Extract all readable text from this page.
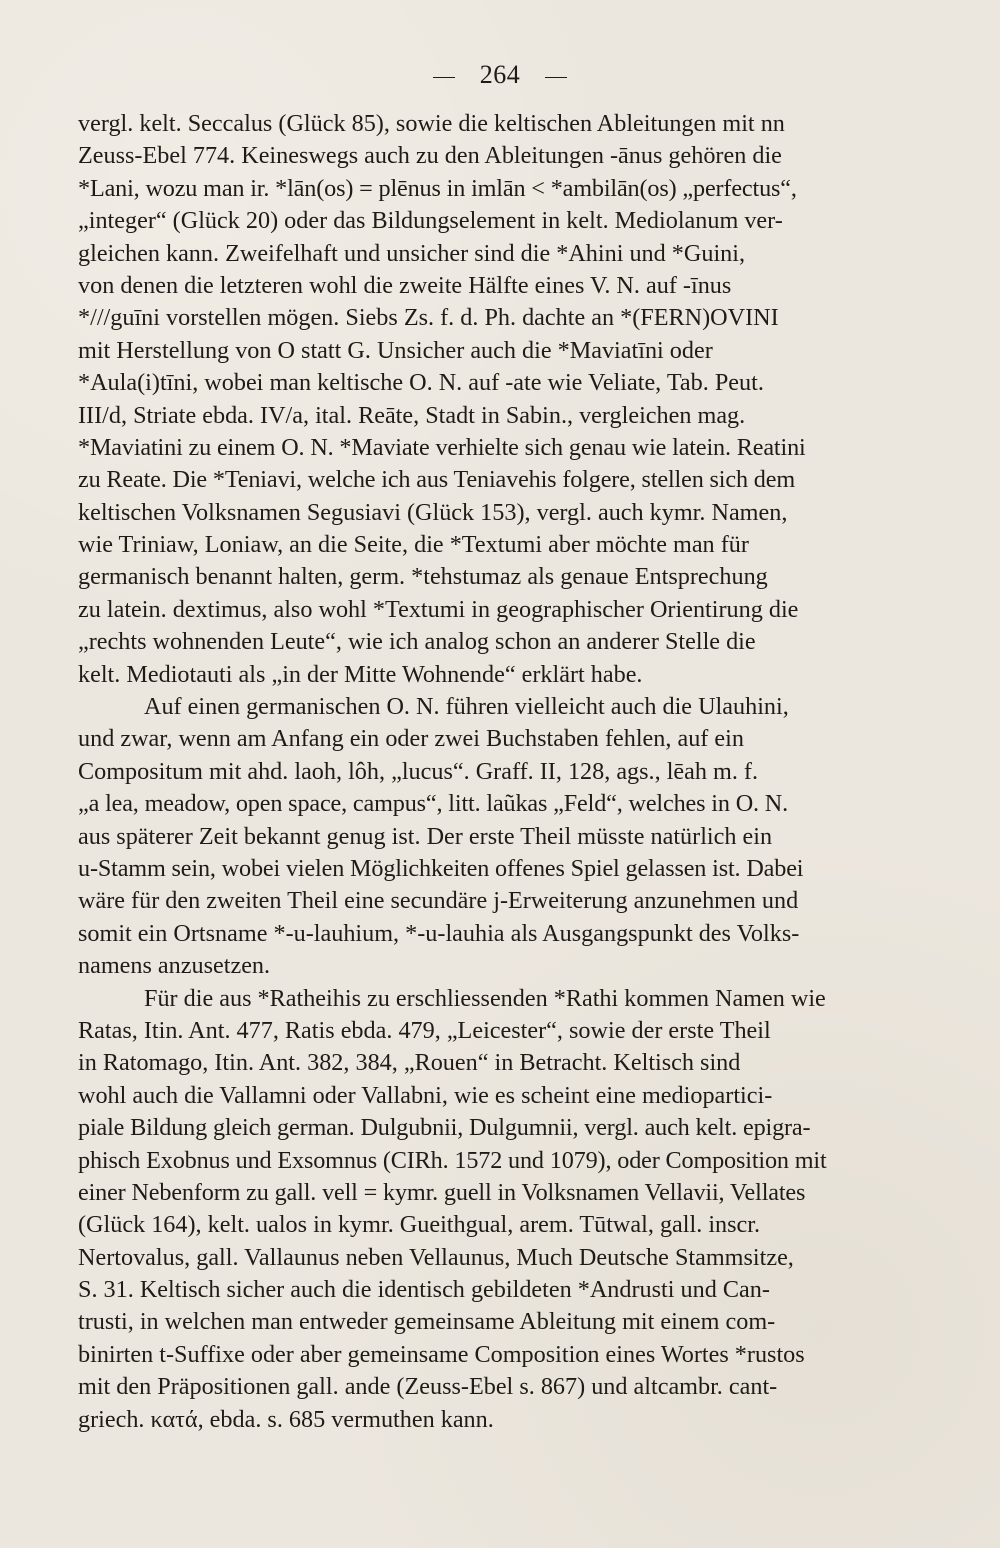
264
vergl. kelt. Seccalus (Glück 85), sowie die keltischen Ableitungen mit nn
Zeuss-Ebel 774. Keineswegs auch zu den Ableitungen -ānus gehören die
*Lani, wozu man ir. *lān(os) = plēnus in imlān < *ambilān(os) „perfectus“,
„integer“ (Glück 20) oder das Bildungselement in kelt. Mediolanum ver-
gleichen kann. Zweifelhaft und unsicher sind die *Ahini und *Guini,
von denen die letzteren wohl die zweite Hälfte eines V. N. auf -īnus
*///guīni vorstellen mögen. Siebs Zs. f. d. Ph. dachte an *(FERN)OVINI
mit Herstellung von O statt G. Unsicher auch die *Maviatīni oder
*Aula(i)tīni, wobei man keltische O. N. auf -ate wie Veliate, Tab. Peut.
III/d, Striate ebda. IV/a, ital. Reāte, Stadt in Sabin., vergleichen mag.
*Maviatini zu einem O. N. *Maviate verhielte sich genau wie latein. Reatini
zu Reate. Die *Teniavi, welche ich aus Teniavehis folgere, stellen sich dem
keltischen Volksnamen Segusiavi (Glück 153), vergl. auch kymr. Namen,
wie Triniaw, Loniaw, an die Seite, die *Textumi aber möchte man für
germanisch benannt halten, germ. *tehstumaz als genaue Entsprechung
zu latein. dextimus, also wohl *Textumi in geographischer Orientirung die
„rechts wohnenden Leute“, wie ich analog schon an anderer Stelle die
kelt. Mediotauti als „in der Mitte Wohnende“ erklärt habe.
Auf einen germanischen O. N. führen vielleicht auch die Ulauhini,
und zwar, wenn am Anfang ein oder zwei Buchstaben fehlen, auf ein
Compositum mit ahd. laoh, lôh, „lucus“. Graff. II, 128, ags., lēah m. f.
„a lea, meadow, open space, campus“, litt. laũkas „Feld“, welches in O. N.
aus späterer Zeit bekannt genug ist. Der erste Theil müsste natürlich ein
u-Stamm sein, wobei vielen Möglichkeiten offenes Spiel gelassen ist. Dabei
wäre für den zweiten Theil eine secundäre j-Erweiterung anzunehmen und
somit ein Ortsname *-u-lauhium, *-u-lauhia als Ausgangspunkt des Volks-
namens anzusetzen.
Für die aus *Ratheihis zu erschliessenden *Rathi kommen Namen wie
Ratas, Itin. Ant. 477, Ratis ebda. 479, „Leicester“, sowie der erste Theil
in Ratomago, Itin. Ant. 382, 384, „Rouen“ in Betracht. Keltisch sind
wohl auch die Vallamni oder Vallabni, wie es scheint eine mediopartici-
piale Bildung gleich german. Dulgubnii, Dulgumnii, vergl. auch kelt. epigra-
phisch Exobnus und Exsomnus (CIRh. 1572 und 1079), oder Composition mit
einer Nebenform zu gall. vell = kymr. guell in Volksnamen Vellavii, Vellates
(Glück 164), kelt. ualos in kymr. Gueithgual, arem. Tūtwal, gall. inscr.
Nertovalus, gall. Vallaunus neben Vellaunus, Much Deutsche Stammsitze,
S. 31. Keltisch sicher auch die identisch gebildeten *Andrusti und Can-
trusti, in welchen man entweder gemeinsame Ableitung mit einem com-
binirten t-Suffixe oder aber gemeinsame Composition eines Wortes *rustos
mit den Präpositionen gall. ande (Zeuss-Ebel s. 867) und altcambr. cant-
griech. κατά, ebda. s. 685 vermuthen kann.
